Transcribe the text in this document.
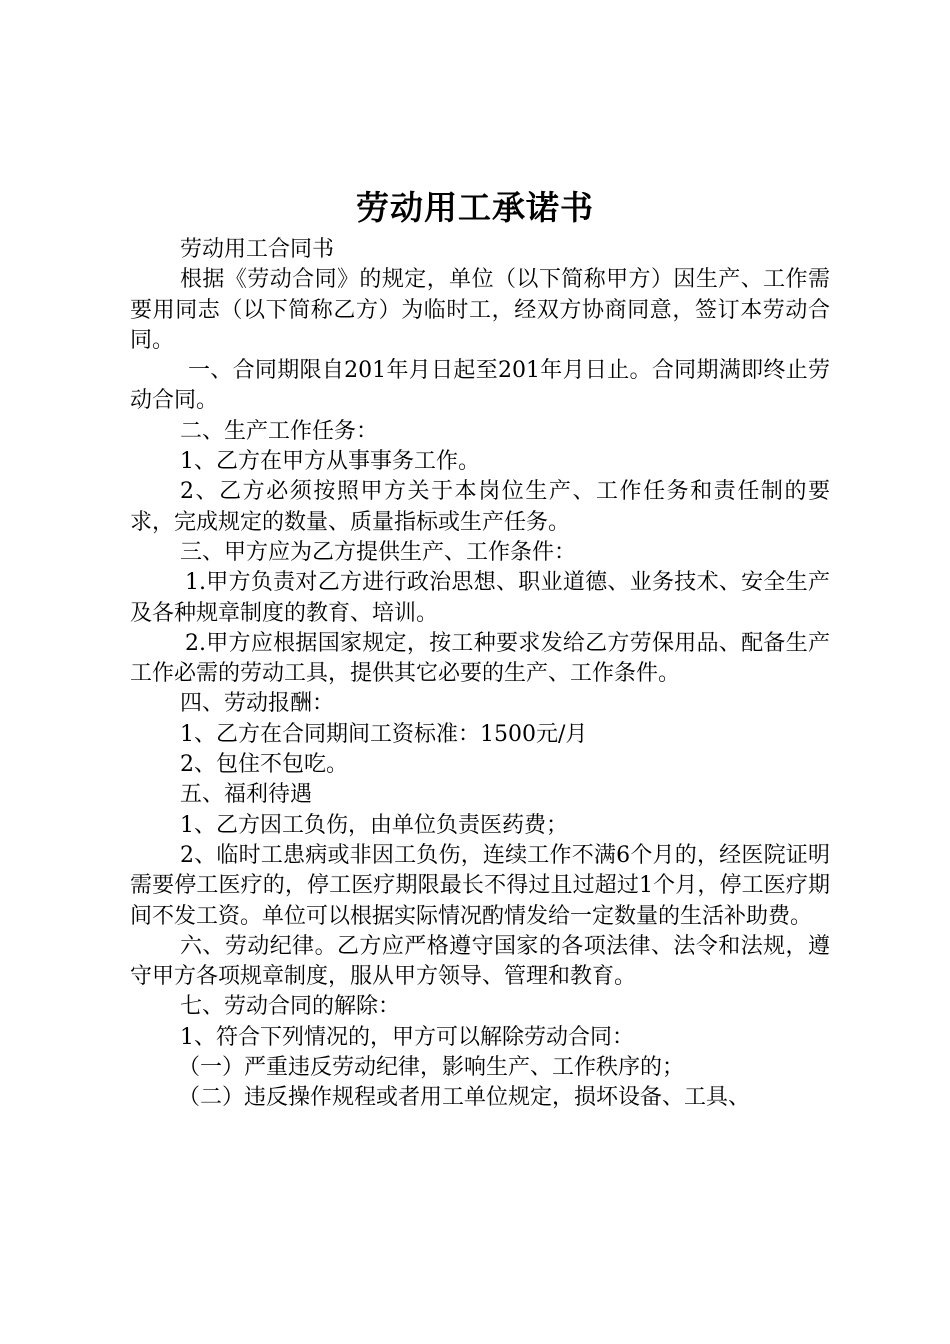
劳动用工承诺书

劳动用工合同书

根据《劳动合同》的规定，单位（以下简称甲方）因生产、工作需要用同志（以下简称乙方）为临时工，经双方协商同意，签订本劳动合同。

一、合同期限自201年月日起至201年月日止。合同期满即终止劳动合同。

二、生产工作任务：

1、乙方在甲方从事事务工作。

2、乙方必须按照甲方关于本岗位生产、工作任务和责任制的要求，完成规定的数量、质量指标或生产任务。

三、甲方应为乙方提供生产、工作条件：

1.甲方负责对乙方进行政治思想、职业道德、业务技术、安全生产及各种规章制度的教育、培训。

2.甲方应根据国家规定，按工种要求发给乙方劳保用品、配备生产工作必需的劳动工具，提供其它必要的生产、工作条件。

四、劳动报酬：

1、乙方在合同期间工资标准：1500元/月

2、包住不包吃。

五、福利待遇

1、乙方因工负伤，由单位负责医药费；

2、临时工患病或非因工负伤，连续工作不满6个月的，经医院证明需要停工医疗的，停工医疗期限最长不得过且过超过1个月，停工医疗期间不发工资。单位可以根据实际情况酌情发给一定数量的生活补助费。

六、劳动纪律。乙方应严格遵守国家的各项法律、法令和法规，遵守甲方各项规章制度，服从甲方领导、管理和教育。

七、劳动合同的解除：

1、符合下列情况的，甲方可以解除劳动合同：

（一）严重违反劳动纪律，影响生产、工作秩序的；

（二）违反操作规程或者用工单位规定，损坏设备、工具、
